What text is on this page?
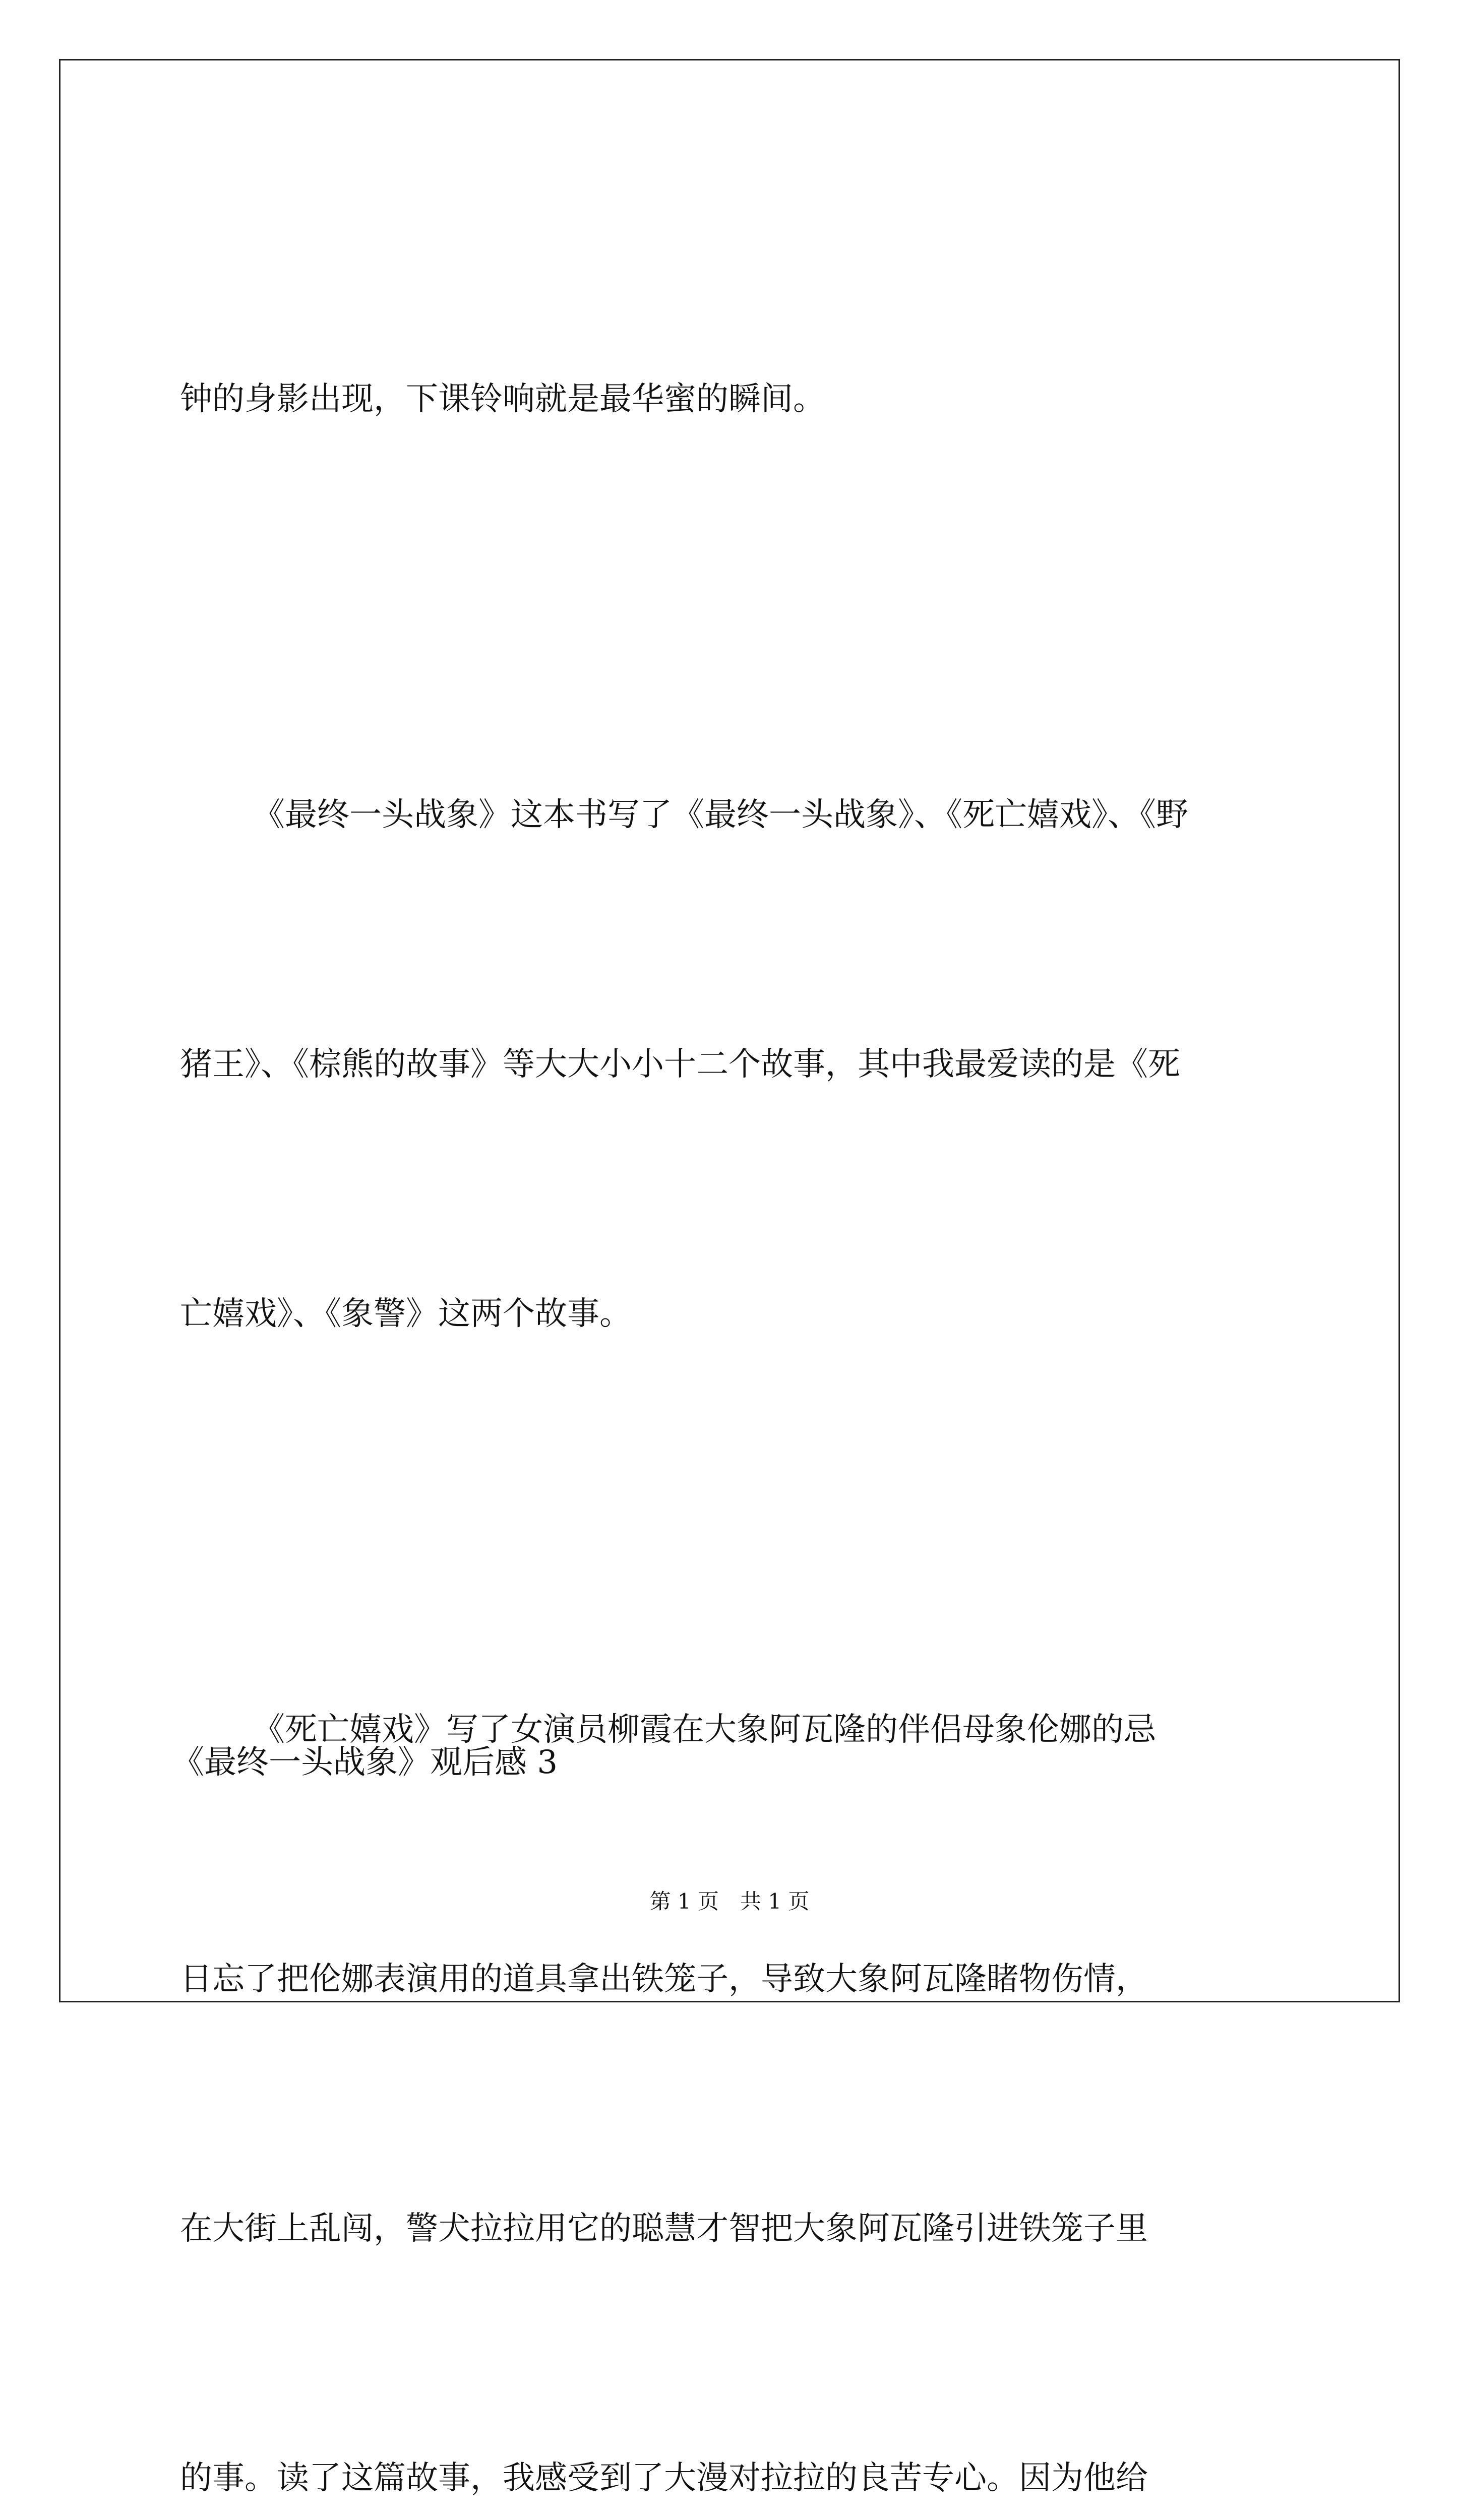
钟的身影出现，下课铃响就是最华蜜的瞬间。

《最终一头战象》这本书写了《最终一头战象》、《死亡嬉戏》、《野

猪王》、《棕熊的故事》等大大小小十二个故事，其中我最爱读的是《死

亡嬉戏》、《象警》这两个故事。

《死亡嬉戏》写了女演员柳霞在大象阿瓦隆的伴侣母象伦娜的忌

日忘了把伦娜表演用的道具拿出铁笼子，导致大象阿瓦隆睹物伤情，

在大街上乱闯，警犬拉拉用它的聪慧才智把大象阿瓦隆引进铁笼子里

的事。读了这篇故事，我感受到了大漫对拉拉的良苦专心。因为他给

《最终一头战象》观后感 3
第 1 页　共 1 页
